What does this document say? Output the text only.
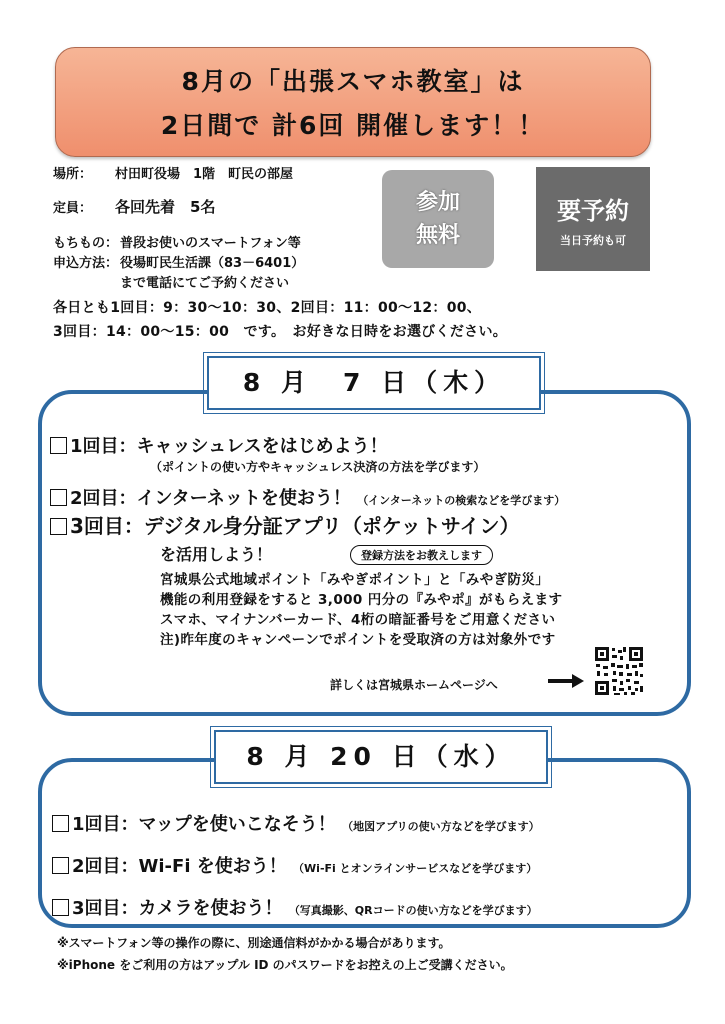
8月の「出張スマホ教室」は
2日間で 計6回 開催します！！
場所： 村田町役場　1階　町民の部屋
定員： 各回先着　5名
もちもの： 普段お使いのスマートフォン等
申込方法： 役場町民生活課（83－6401）
まで電話にてご予約ください
参加
無料
要予約
当日予約も可
各日とも1回目：9：30～10：30、2回目：11：00～12：00、
3回目：14：00～15：00　です。　お好きな日時をお選びください。
8 月　7 日（木）
1回目：キャッシュレスをはじめよう！
（ポイントの使い方やキャッシュレス決済の方法を学びます）
2回目：インターネットを使おう！ （インターネットの検索などを学びます）
3回目：デジタル身分証アプリ（ポケットサイン）
を活用しよう！	登録方法をお教えします
宮城県公式地域ポイント「みやぎポイント」と「みやぎ防災」
機能の利用登録をすると 3,000 円分の『みやポ』がもらえます
スマホ、マイナンバーカード、4桁の暗証番号をご用意ください
注)昨年度のキャンペーンでポイントを受取済の方は対象外です
詳しくは宮城県ホームページへ
8 月 20 日（水）
1回目：マップを使いこなそう！ （地図アプリの使い方などを学びます）
2回目：Wi-Fi を使おう！ （Wi-Fi とオンラインサービスなどを学びます）
3回目：カメラを使おう！ （写真撮影、QRコードの使い方などを学びます）
※スマートフォン等の操作の際に、別途通信料がかかる場合があります。
※iPhone をご利用の方はアップル ID のパスワードをお控えの上ご受講ください。
